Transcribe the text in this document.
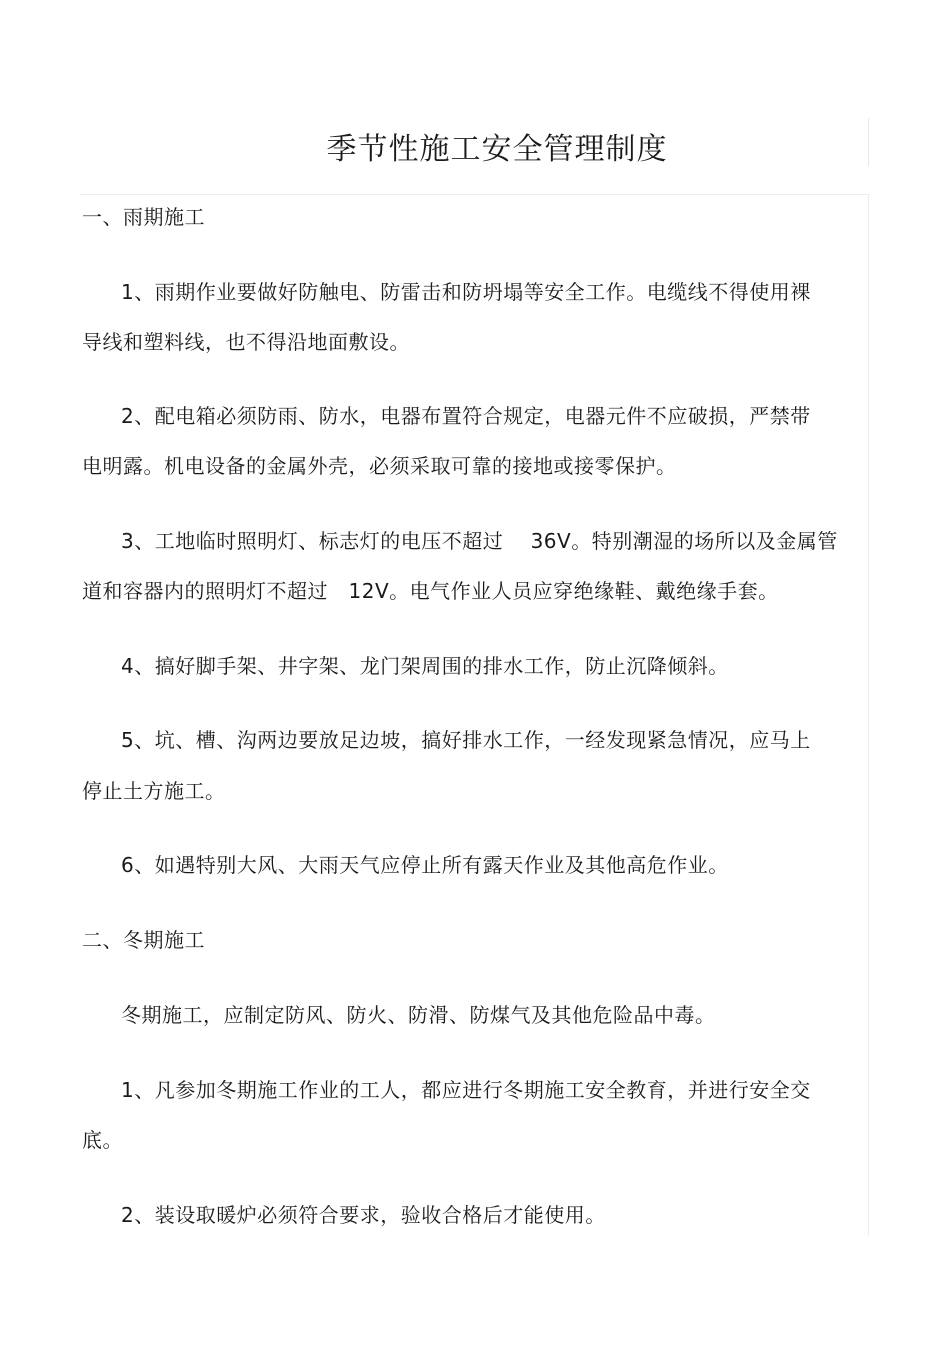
季节性施工安全管理制度
一、雨期施工
1、雨期作业要做好防触电、防雷击和防坍塌等安全工作。电缆线不得使用裸
导线和塑料线，也不得沿地面敷设。
2、配电箱必须防雨、防水，电器布置符合规定，电器元件不应破损，严禁带
电明露。机电设备的金属外壳，必须采取可靠的接地或接零保护。
3、工地临时照明灯、标志灯的电压不超过　 36V。特别潮湿的场所以及金属管
道和容器内的照明灯不超过　12V。电气作业人员应穿绝缘鞋、戴绝缘手套。
4、搞好脚手架、井字架、龙门架周围的排水工作，防止沉降倾斜。
5、坑、槽、沟两边要放足边坡，搞好排水工作，一经发现紧急情况，应马上
停止土方施工。
6、如遇特别大风、大雨天气应停止所有露天作业及其他高危作业。
二、冬期施工
冬期施工，应制定防风、防火、防滑、防煤气及其他危险品中毒。
1、凡参加冬期施工作业的工人，都应进行冬期施工安全教育，并进行安全交
底。
2、装设取暖炉必须符合要求，验收合格后才能使用。
